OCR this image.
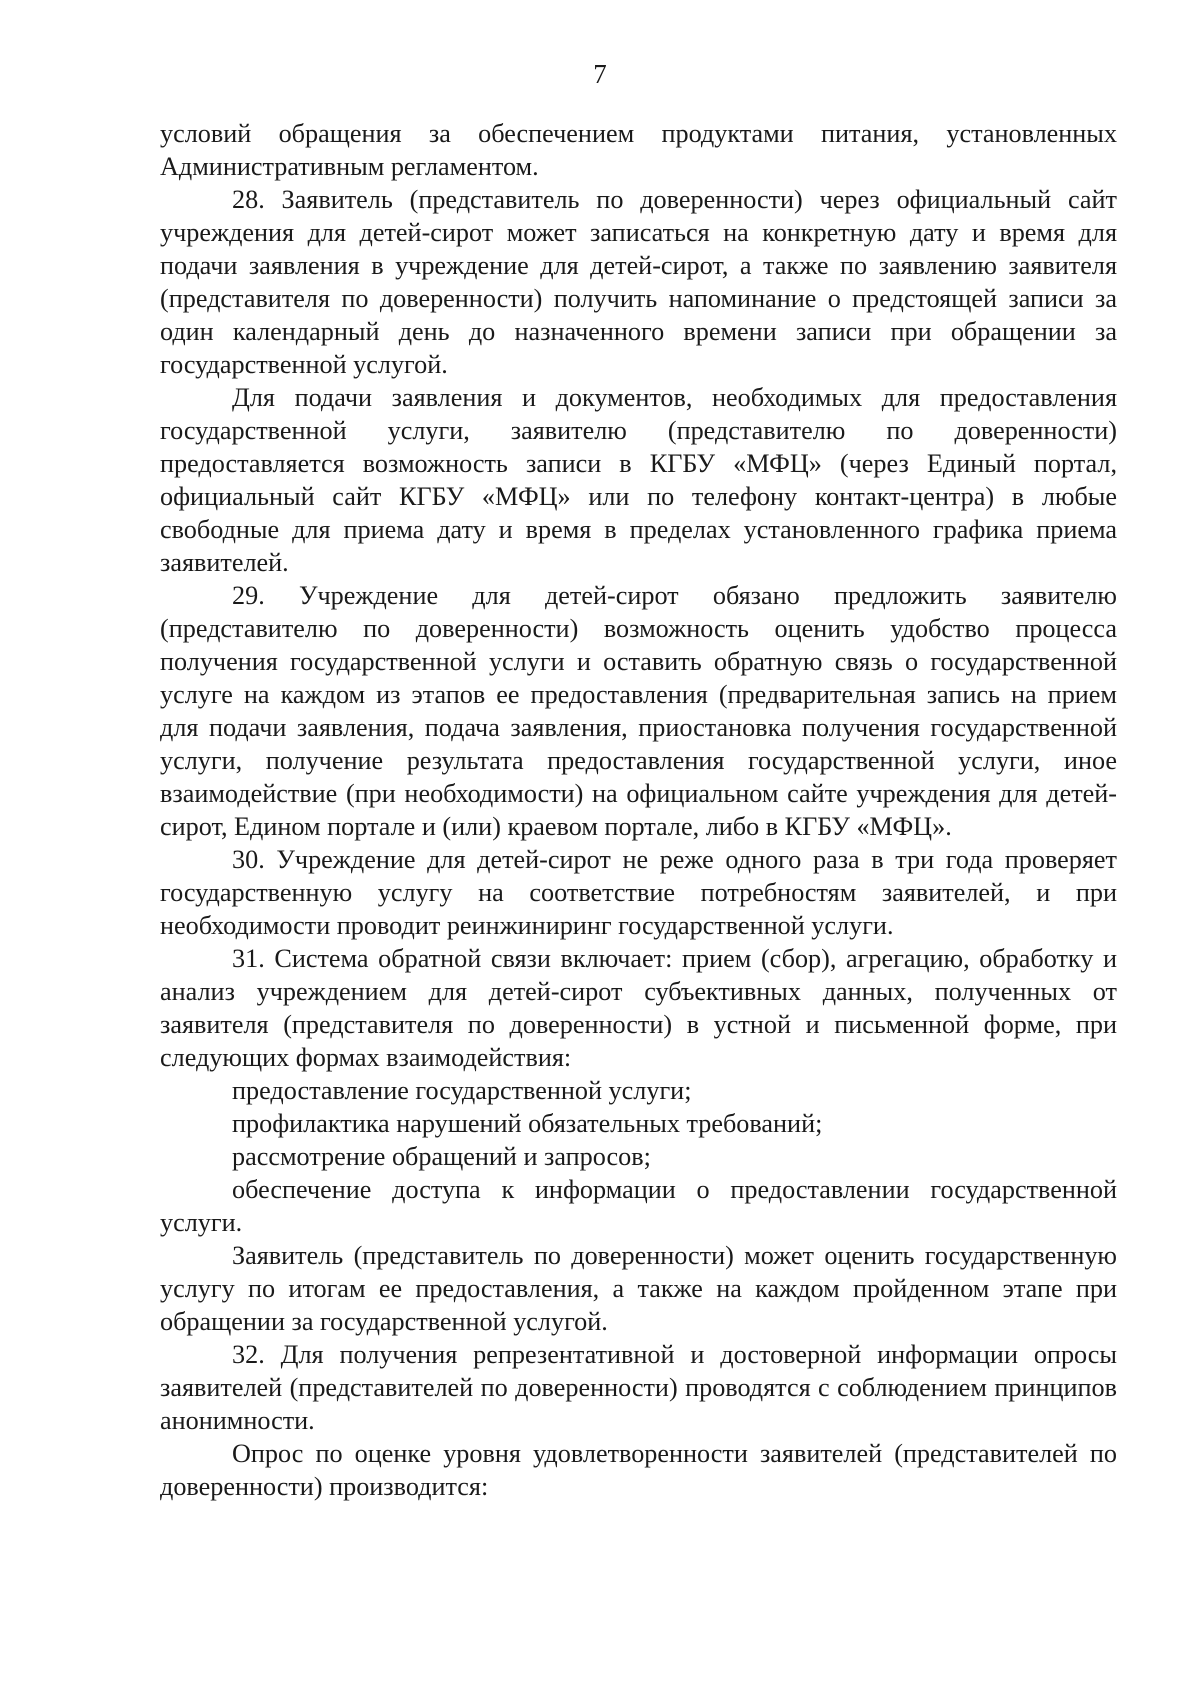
7

условий обращения за обеспечением продуктами питания, установленных Административным регламентом.

28. Заявитель (представитель по доверенности) через официальный сайт учреждения для детей-сирот может записаться на конкретную дату и время для подачи заявления в учреждение для детей-сирот, а также по заявлению заявителя (представителя по доверенности) получить напоминание о предстоящей записи за один календарный день до назначенного времени записи при обращении за государственной услугой.

Для подачи заявления и документов, необходимых для предоставления государственной услуги, заявителю (представителю по доверенности) предоставляется возможность записи в КГБУ «МФЦ» (через Единый портал, официальный сайт КГБУ «МФЦ» или по телефону контакт-центра) в любые свободные для приема дату и время в пределах установленного графика приема заявителей.

29. Учреждение для детей-сирот обязано предложить заявителю (представителю по доверенности) возможность оценить удобство процесса получения государственной услуги и оставить обратную связь о государственной услуге на каждом из этапов ее предоставления (предварительная запись на прием для подачи заявления, подача заявления, приостановка получения государственной услуги, получение результата предоставления государственной услуги, иное взаимодействие (при необходимости) на официальном сайте учреждения для детей-сирот, Едином портале и (или) краевом портале, либо в КГБУ «МФЦ».

30. Учреждение для детей-сирот не реже одного раза в три года проверяет государственную услугу на соответствие потребностям заявителей, и при необходимости проводит реинжиниринг государственной услуги.

31. Система обратной связи включает: прием (сбор), агрегацию, обработку и анализ учреждением для детей-сирот субъективных данных, полученных от заявителя (представителя по доверенности) в устной и письменной форме, при следующих формах взаимодействия:

предоставление государственной услуги;

профилактика нарушений обязательных требований;

рассмотрение обращений и запросов;

обеспечение доступа к информации о предоставлении государственной услуги.

Заявитель (представитель по доверенности) может оценить государственную услугу по итогам ее предоставления, а также на каждом пройденном этапе при обращении за государственной услугой.

32. Для получения репрезентативной и достоверной информации опросы заявителей (представителей по доверенности) проводятся с соблюдением принципов анонимности.

Опрос по оценке уровня удовлетворенности заявителей (представителей по доверенности) производится:
